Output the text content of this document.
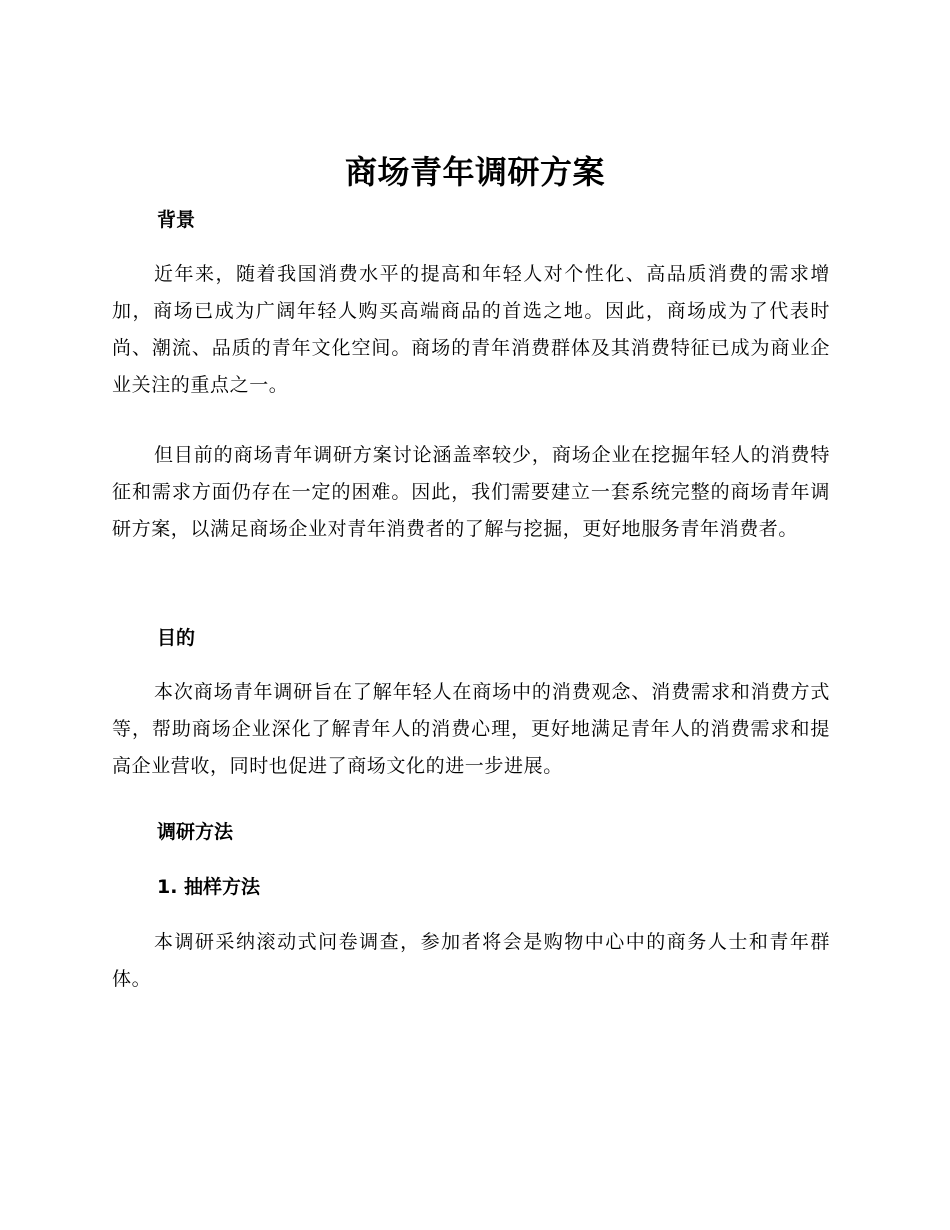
商场青年调研方案
背景

近年来，随着我国消费水平的提高和年轻人对个性化、高品质消费的需求增加，商场已成为广阔年轻人购买高端商品的首选之地。因此，商场成为了代表时尚、潮流、品质的青年文化空间。商场的青年消费群体及其消费特征已成为商业企业关注的重点之一。

但目前的商场青年调研方案讨论涵盖率较少，商场企业在挖掘年轻人的消费特征和需求方面仍存在一定的困难。因此，我们需要建立一套系统完整的商场青年调研方案，以满足商场企业对青年消费者的了解与挖掘，更好地服务青年消费者。

目的

本次商场青年调研旨在了解年轻人在商场中的消费观念、消费需求和消费方式等，帮助商场企业深化了解青年人的消费心理，更好地满足青年人的消费需求和提高企业营收，同时也促进了商场文化的进一步进展。

调研方法
1. 抽样方法

本调研采纳滚动式问卷调查，参加者将会是购物中心中的商务人士和青年群体。
